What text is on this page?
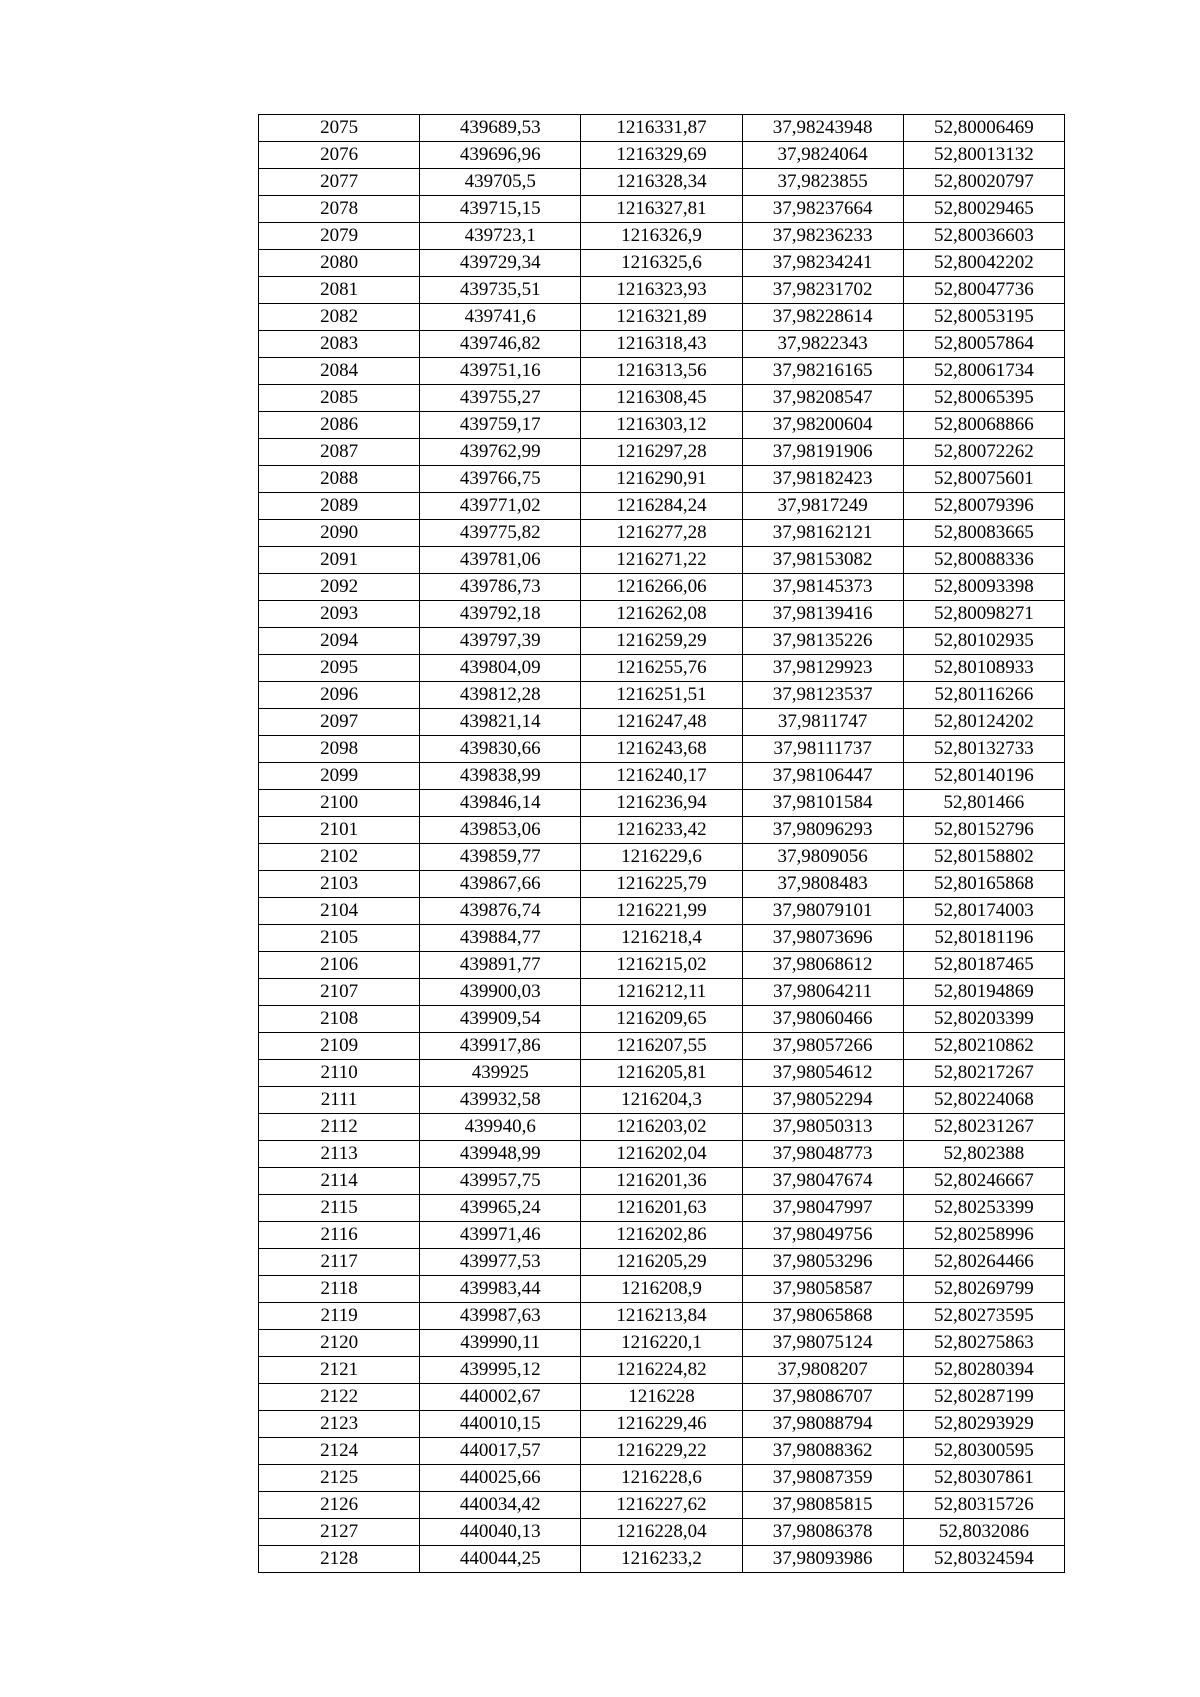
2075	439689,53	1216331,87	37,98243948	52,80006469
2076	439696,96	1216329,69	37,9824064	52,80013132
2077	439705,5	1216328,34	37,9823855	52,80020797
2078	439715,15	1216327,81	37,98237664	52,80029465
2079	439723,1	1216326,9	37,98236233	52,80036603
2080	439729,34	1216325,6	37,98234241	52,80042202
2081	439735,51	1216323,93	37,98231702	52,80047736
2082	439741,6	1216321,89	37,98228614	52,80053195
2083	439746,82	1216318,43	37,9822343	52,80057864
2084	439751,16	1216313,56	37,98216165	52,80061734
2085	439755,27	1216308,45	37,98208547	52,80065395
2086	439759,17	1216303,12	37,98200604	52,80068866
2087	439762,99	1216297,28	37,98191906	52,80072262
2088	439766,75	1216290,91	37,98182423	52,80075601
2089	439771,02	1216284,24	37,9817249	52,80079396
2090	439775,82	1216277,28	37,98162121	52,80083665
2091	439781,06	1216271,22	37,98153082	52,80088336
2092	439786,73	1216266,06	37,98145373	52,80093398
2093	439792,18	1216262,08	37,98139416	52,80098271
2094	439797,39	1216259,29	37,98135226	52,80102935
2095	439804,09	1216255,76	37,98129923	52,80108933
2096	439812,28	1216251,51	37,98123537	52,80116266
2097	439821,14	1216247,48	37,9811747	52,80124202
2098	439830,66	1216243,68	37,98111737	52,80132733
2099	439838,99	1216240,17	37,98106447	52,80140196
2100	439846,14	1216236,94	37,98101584	52,801466
2101	439853,06	1216233,42	37,98096293	52,80152796
2102	439859,77	1216229,6	37,9809056	52,80158802
2103	439867,66	1216225,79	37,9808483	52,80165868
2104	439876,74	1216221,99	37,98079101	52,80174003
2105	439884,77	1216218,4	37,98073696	52,80181196
2106	439891,77	1216215,02	37,98068612	52,80187465
2107	439900,03	1216212,11	37,98064211	52,80194869
2108	439909,54	1216209,65	37,98060466	52,80203399
2109	439917,86	1216207,55	37,98057266	52,80210862
2110	439925	1216205,81	37,98054612	52,80217267
2111	439932,58	1216204,3	37,98052294	52,80224068
2112	439940,6	1216203,02	37,98050313	52,80231267
2113	439948,99	1216202,04	37,98048773	52,802388
2114	439957,75	1216201,36	37,98047674	52,80246667
2115	439965,24	1216201,63	37,98047997	52,80253399
2116	439971,46	1216202,86	37,98049756	52,80258996
2117	439977,53	1216205,29	37,98053296	52,80264466
2118	439983,44	1216208,9	37,98058587	52,80269799
2119	439987,63	1216213,84	37,98065868	52,80273595
2120	439990,11	1216220,1	37,98075124	52,80275863
2121	439995,12	1216224,82	37,9808207	52,80280394
2122	440002,67	1216228	37,98086707	52,80287199
2123	440010,15	1216229,46	37,98088794	52,80293929
2124	440017,57	1216229,22	37,98088362	52,80300595
2125	440025,66	1216228,6	37,98087359	52,80307861
2126	440034,42	1216227,62	37,98085815	52,80315726
2127	440040,13	1216228,04	37,98086378	52,8032086
2128	440044,25	1216233,2	37,98093986	52,80324594
